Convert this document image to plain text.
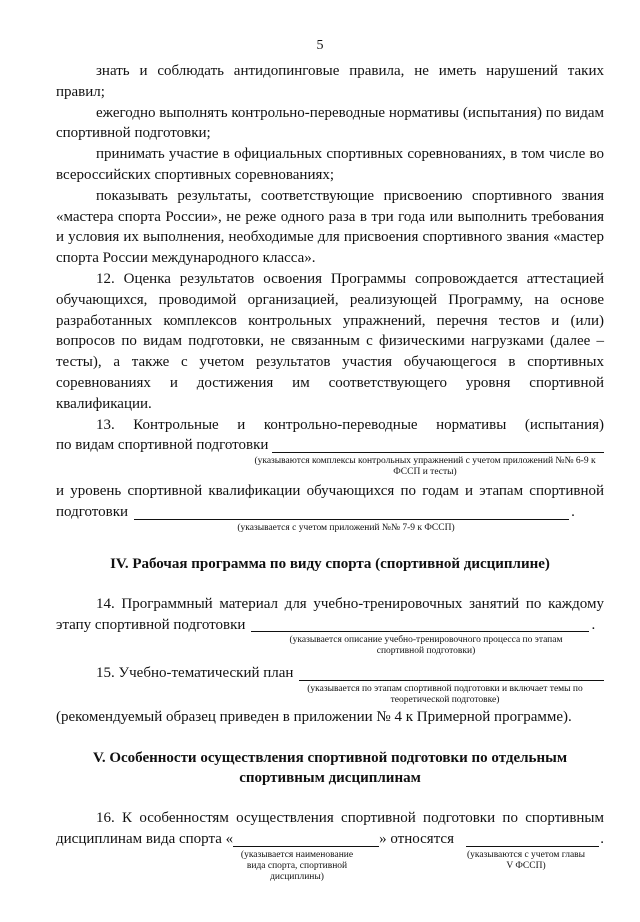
5

знать и соблюдать антидопинговые правила, не иметь нарушений таких правил;

ежегодно выполнять контрольно-переводные нормативы (испытания) по видам спортивной подготовки;

принимать участие в официальных спортивных соревнованиях, в том числе во всероссийских спортивных соревнованиях;

показывать результаты, соответствующие присвоению спортивного звания «мастера спорта России», не реже одного раза в три года или выполнить требования и условия их выполнения, необходимые для присвоения спортивного звания «мастер спорта России международного класса».

12. Оценка результатов освоения Программы сопровождается аттестацией обучающихся, проводимой организацией, реализующей Программу, на основе разработанных комплексов контрольных упражнений, перечня тестов и (или) вопросов по видам подготовки, не связанным с физическими нагрузками (далее – тесты), а также с учетом результатов участия обучающегося в спортивных соревнованиях и достижения им соответствующего уровня спортивной квалификации.

13. Контрольные и контрольно-переводные нормативы (испытания)

по видам спортивной подготовки
(указываются комплексы контрольных упражнений с учетом приложений №№ 6-9 к ФССП и тесты)

и уровень спортивной квалификации обучающихся по годам и этапам спортивной

подготовки	.
(указывается с учетом приложений №№ 7-9 к ФССП)
IV. Рабочая программа по виду спорта (спортивной дисциплине)

14. Программный материал для учебно-тренировочных занятий по каждому

этапу спортивной подготовки	.
(указывается описание учебно-тренировочного процесса по этапам спортивной подготовки)
15. Учебно-тематический план
(указывается по этапам спортивной подготовки и включает темы по теоретической подготовке)

(рекомендуемый образец приведен в приложении № 4 к Примерной программе).

V. Особенности осуществления спортивной подготовки по отдельным
спортивным дисциплинам

16. К особенностям осуществления спортивной подготовки по спортивным

дисциплинам вида спорта «	» относятся	.
(указывается наименование вида спорта, спортивной дисциплины)
(указываются с учетом главы V ФССП)
